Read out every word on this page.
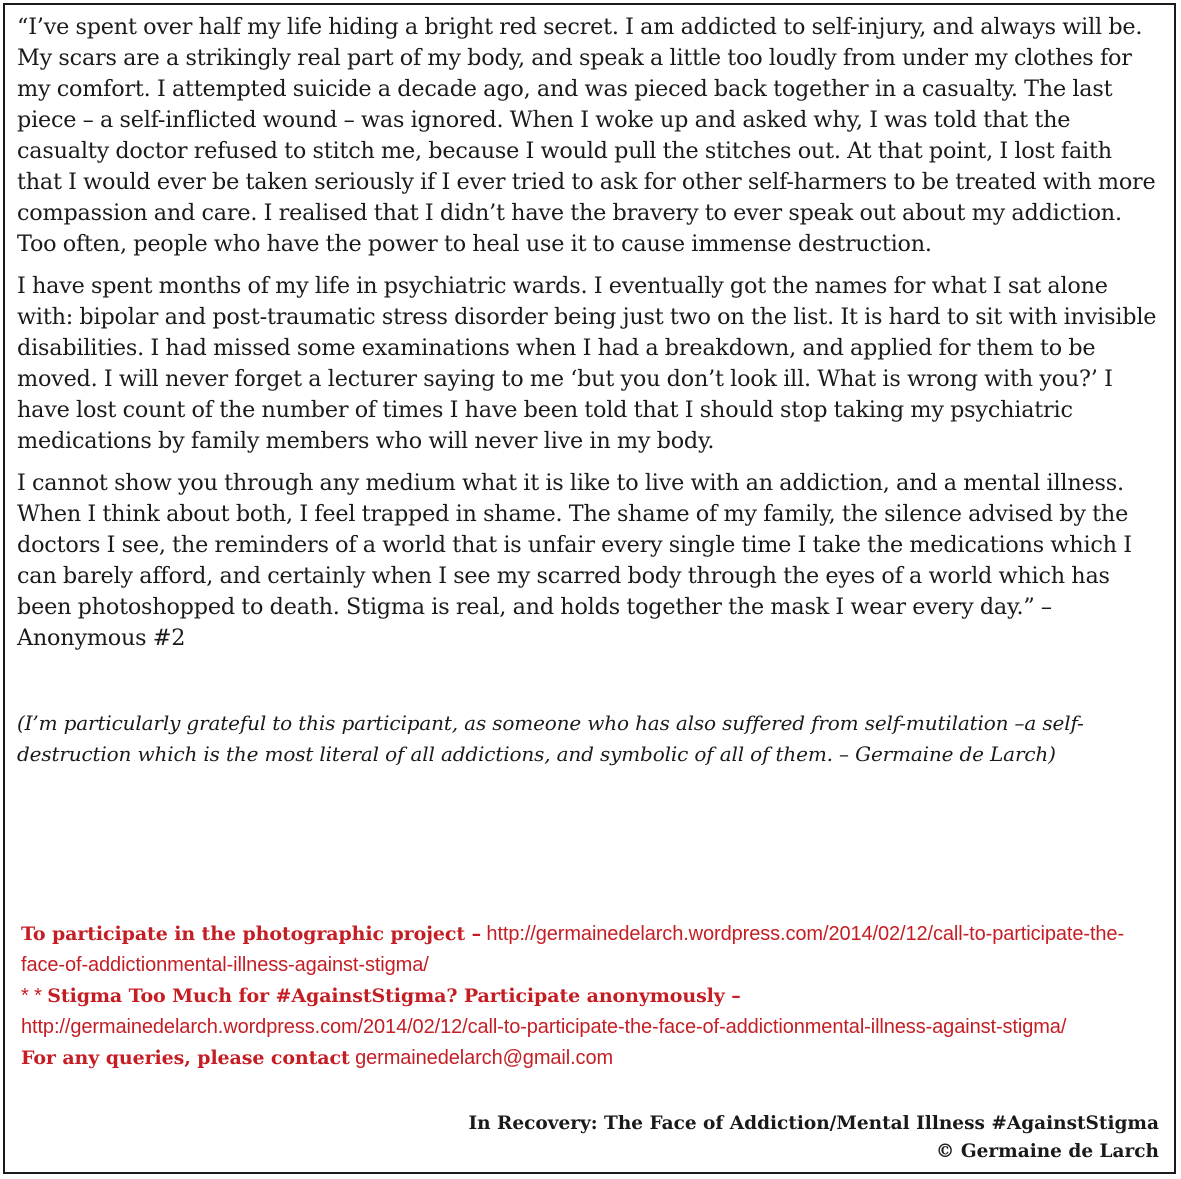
“I’ve spent over half my life hiding a bright red secret. I am addicted to self-injury, and always will be. My scars are a strikingly real part of my body, and speak a little too loudly from under my clothes for my comfort. I attempted suicide a decade ago, and was pieced back together in a casualty. The last piece – a self-inflicted wound – was ignored. When I woke up and asked why, I was told that the casualty doctor refused to stitch me, because I would pull the stitches out. At that point, I lost faith that I would ever be taken seriously if I ever tried to ask for other self-harmers to be treated with more compassion and care. I realised that I didn’t have the bravery to ever speak out about my addiction. Too often, people who have the power to heal use it to cause immense destruction.

I have spent months of my life in psychiatric wards. I eventually got the names for what I sat alone with: bipolar and post-traumatic stress disorder being just two on the list. It is hard to sit with invisible disabilities. I had missed some examinations when I had a breakdown, and applied for them to be moved. I will never forget a lecturer saying to me ‘but you don’t look ill. What is wrong with you?’ I have lost count of the number of times I have been told that I should stop taking my psychiatric medications by family members who will never live in my body.

I cannot show you through any medium what it is like to live with an addiction, and a mental illness. When I think about both, I feel trapped in shame. The shame of my family, the silence advised by the doctors I see, the reminders of a world that is unfair every single time I take the medications which I can barely afford, and certainly when I see my scarred body through the eyes of a world which has been photoshopped to death. Stigma is real, and holds together the mask I wear every day.” – Anonymous #2

(I’m particularly grateful to this participant, as someone who has also suffered from self-mutilation –a self-destruction which is the most literal of all addictions, and symbolic of all of them. – Germaine de Larch)

To participate in the photographic project – http://germainedelarch.wordpress.com/2014/02/12/call-to-participate-the-face-of-addictionmental-illness-against-stigma/
* * Stigma Too Much for #AgainstStigma? Participate anonymously – http://germainedelarch.wordpress.com/2014/02/12/call-to-participate-the-face-of-addictionmental-illness-against-stigma/
For any queries, please contact germainedelarch@gmail.com
In Recovery: The Face of Addiction/Mental Illness #AgainstStigma
© Germaine de Larch
